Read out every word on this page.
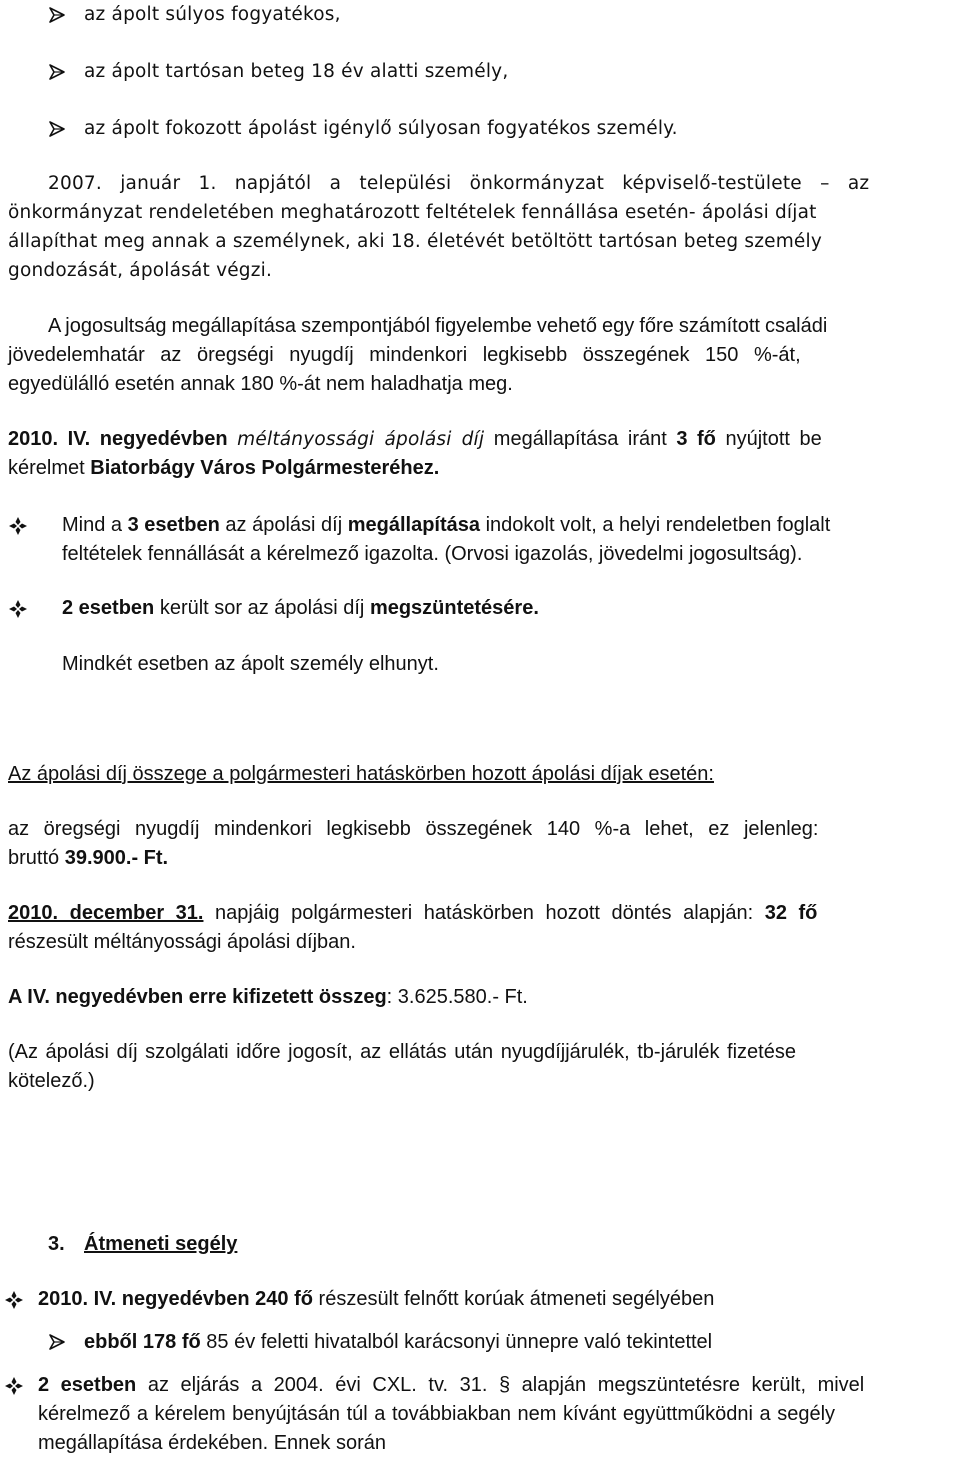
az ápolt súlyos fogyatékos,
az ápolt tartósan beteg 18 év alatti személy,
az ápolt fokozott ápolást igénylő súlyosan fogyatékos személy.
2007.   január   1.   napjától   a   települési   önkormányzat   képviselő-testülete   –   az
önkormányzat rendeletében meghatározott feltételek fennállása esetén- ápolási díjat
állapíthat meg annak a személynek, aki 18. életévét betöltött tartósan beteg személy
gondozását, ápolását végzi.
A jogosultság megállapítása szempontjából figyelembe vehető egy főre számított családi
jövedelemhatár az öregségi nyugdíj mindenkori legkisebb összegének 150 %-át,
egyedülálló esetén annak 180 %-át nem haladhatja meg.
2010. IV. negyedévben méltányossági ápolási díj megállapítása iránt 3 fő nyújtott be
kérelmet Biatorbágy Város Polgármesteréhez.
Mind a 3 esetben az ápolási díj megállapítása indokolt volt, a helyi rendeletben foglalt
feltételek fennállását a kérelmező igazolta. (Orvosi igazolás, jövedelmi jogosultság).
2 esetben került sor az ápolási díj megszüntetésére.
Mindkét esetben az ápolt személy elhunyt.
Az ápolási díj összege a polgármesteri hatáskörben hozott ápolási díjak esetén:
az öregségi nyugdíj mindenkori legkisebb összegének 140 %-a lehet, ez jelenleg:
bruttó 39.900.- Ft.
2010. december 31. napjáig polgármesteri hatáskörben hozott döntés alapján: 32 fő
részesült méltányossági ápolási díjban.
A IV. negyedévben erre kifizetett összeg: 3.625.580.- Ft.
(Az ápolási díj szolgálati időre jogosít, az ellátás után nyugdíjjárulék, tb-járulék fizetése
kötelező.)
3. Átmeneti segély
2010. IV. negyedévben 240 fő részesült felnőtt korúak átmeneti segélyében
ebből 178 fő 85 év feletti hivatalból karácsonyi ünnepre való tekintettel
2 esetben az eljárás a 2004. évi CXL. tv. 31. § alapján megszüntetésre került, mivel
kérelmező a kérelem benyújtásán túl a továbbiakban nem kívánt együttműködni a segély
megállapítása érdekében. Ennek során
